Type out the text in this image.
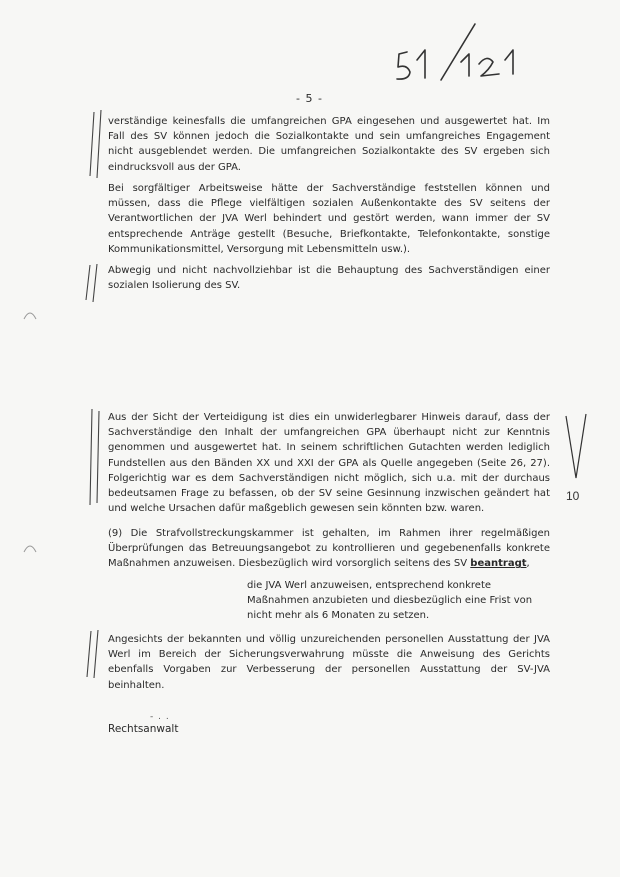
- 5 -
10

verständige keinesfalls die umfangreichen GPA eingesehen und ausgewertet hat. Im Fall des SV können jedoch die Sozialkontakte und sein umfangreiches Engagement nicht ausgeblendet werden. Die umfangreichen Sozialkontakte des SV ergeben sich eindrucksvoll aus der GPA.

Bei sorgfältiger Arbeitsweise hätte der Sachverständige feststellen können und müssen, dass die Pflege vielfältigen sozialen Außenkontakte des SV seitens der Verantwortlichen der JVA Werl behindert und gestört werden, wann immer der SV entsprechende Anträge gestellt (Besuche, Briefkontakte, Telefonkontakte, sonstige Kommunikationsmittel, Versorgung mit Lebensmitteln usw.).

Abwegig und nicht nachvollziehbar ist die Behauptung des Sachverständigen einer sozialen Isolierung des SV.

Aus der Sicht der Verteidigung ist dies ein unwiderlegbarer Hinweis darauf, dass der Sachverständige den Inhalt der umfangreichen GPA überhaupt nicht zur Kenntnis genommen und ausgewertet hat. In seinem schriftlichen Gutachten werden lediglich Fundstellen aus den Bänden XX und XXI der GPA als Quelle angegeben (Seite 26, 27). Folgerichtig war es dem Sachverständigen nicht möglich, sich u.a. mit der durchaus bedeutsamen Frage zu befassen, ob der SV seine Gesinnung inzwischen geändert hat und welche Ursachen dafür maßgeblich gewesen sein könnten bzw. waren.

(9) Die Strafvollstreckungskammer ist gehalten, im Rahmen ihrer regelmäßigen Überprüfungen das Betreuungsangebot zu kontrollieren und gegebenenfalls konkrete Maßnahmen anzuweisen. Diesbezüglich wird vorsorglich seitens des SV beantragt,

die JVA Werl anzuweisen, entsprechend konkrete Maßnahmen anzubieten und diesbezüglich eine Frist von nicht mehr als 6 Monaten zu setzen.

Angesichts der bekannten und völlig unzureichenden personellen Ausstattung der JVA Werl im Bereich der Sicherungsverwahrung müsste die Anweisung des Gerichts ebenfalls Vorgaben zur Verbesserung der personellen Ausstattung der SV-JVA beinhalten.

- . .
Rechtsanwalt
